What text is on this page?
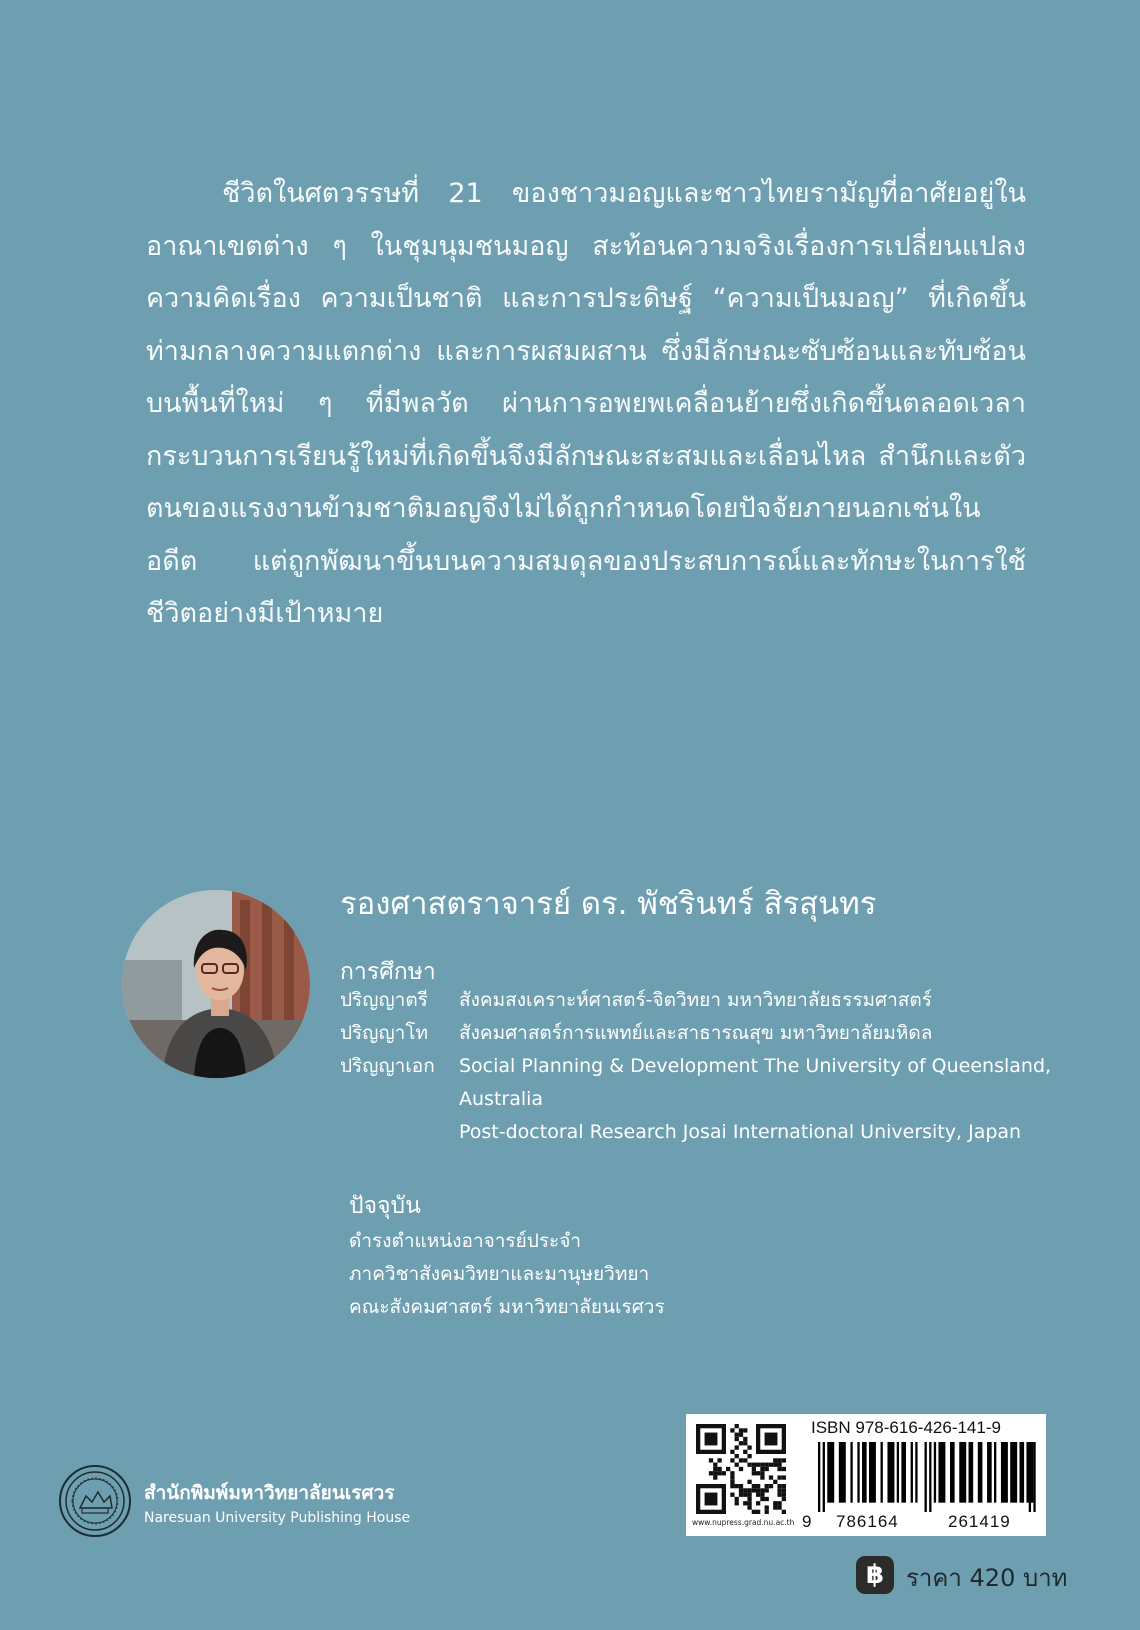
ชีวิตในศตวรรษที่ 21 ของชาวมอญและชาวไทยรามัญที่อาศัยอยู่ในอาณาเขตต่าง ๆ ในชุมนุมชนมอญ สะท้อนความจริงเรื่องการเปลี่ยนแปลงความคิดเรื่อง ความเป็นชาติ และการประดิษฐ์ “ความเป็นมอญ” ที่เกิดขึ้นท่ามกลางความแตกต่าง และการผสมผสาน ซึ่งมีลักษณะซับซ้อนและทับซ้อน บนพื้นที่ใหม่ ๆ ที่มีพลวัต ผ่านการอพยพเคลื่อนย้ายซึ่งเกิดขึ้นตลอดเวลา กระบวนการเรียนรู้ใหม่ที่เกิดขึ้นจึงมีลักษณะสะสมและเลื่อนไหล สำนึกและตัวตนของแรงงานข้ามชาติมอญจึงไม่ได้ถูกกำหนดโดยปัจจัยภายนอกเช่นในอดีต แต่ถูกพัฒนาขึ้นบนความสมดุลของประสบการณ์และทักษะในการใช้ชีวิตอย่างมีเป้าหมาย

รองศาสตราจารย์ ดร. พัชรินทร์ สิรสุนทร
การศึกษา
ปริญญาตรี สังคมสงเคราะห์ศาสตร์-จิตวิทยา มหาวิทยาลัยธรรมศาสตร์
ปริญญาโท สังคมศาสตร์การแพทย์และสาธารณสุข มหาวิทยาลัยมหิดล
ปริญญาเอก Social Planning & Development The University of Queensland, Australia
Post-doctoral Research Josai International University, Japan
ปัจจุบัน
ดำรงตำแหน่งอาจารย์ประจำ
ภาควิชาสังคมวิทยาและมานุษยวิทยา
คณะสังคมศาสตร์ มหาวิทยาลัยนเรศวร
สำนักพิมพ์มหาวิทยาลัยนเรศวร
Naresuan University Publishing House	www.nupress.grad.nu.ac.th
ISBN 978-616-426-141-9
9 786164	261419
฿ ราคา 420 บาท
